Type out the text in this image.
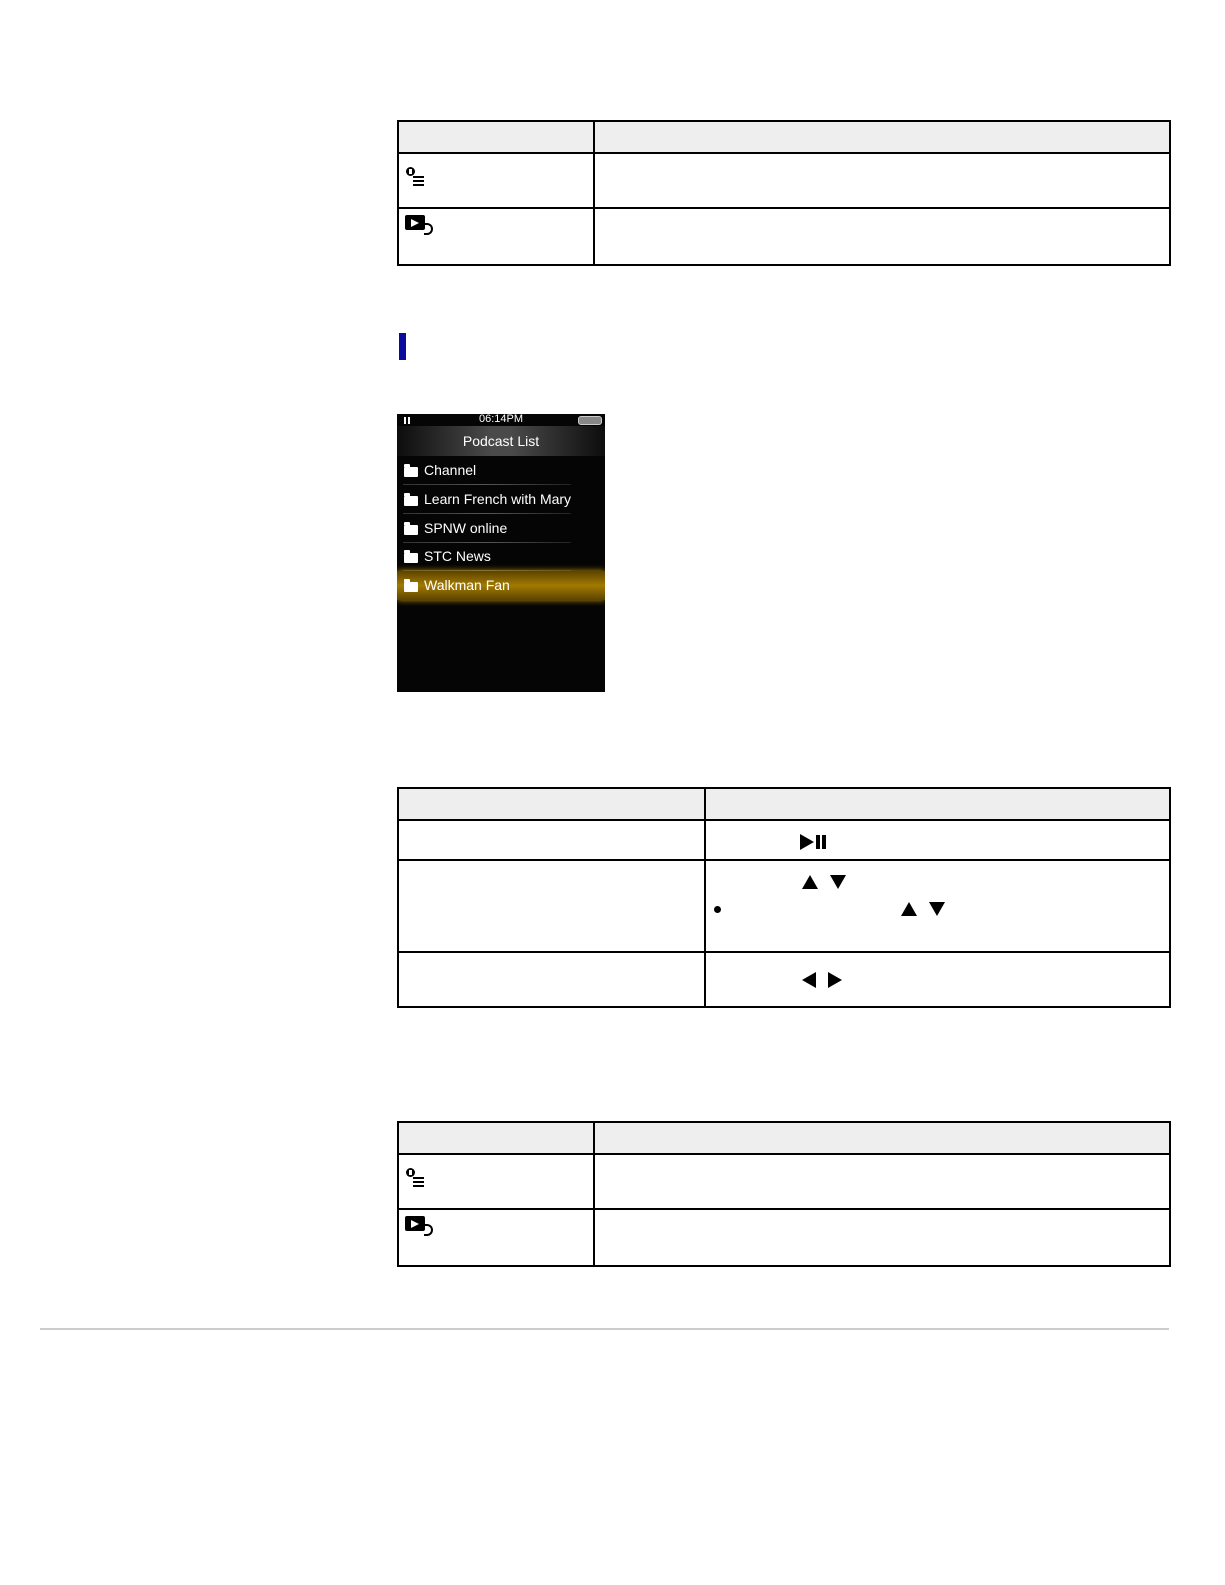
06:14PM
Podcast List
Channel
Learn French with Mary
SPNW online
STC News
Walkman Fan
